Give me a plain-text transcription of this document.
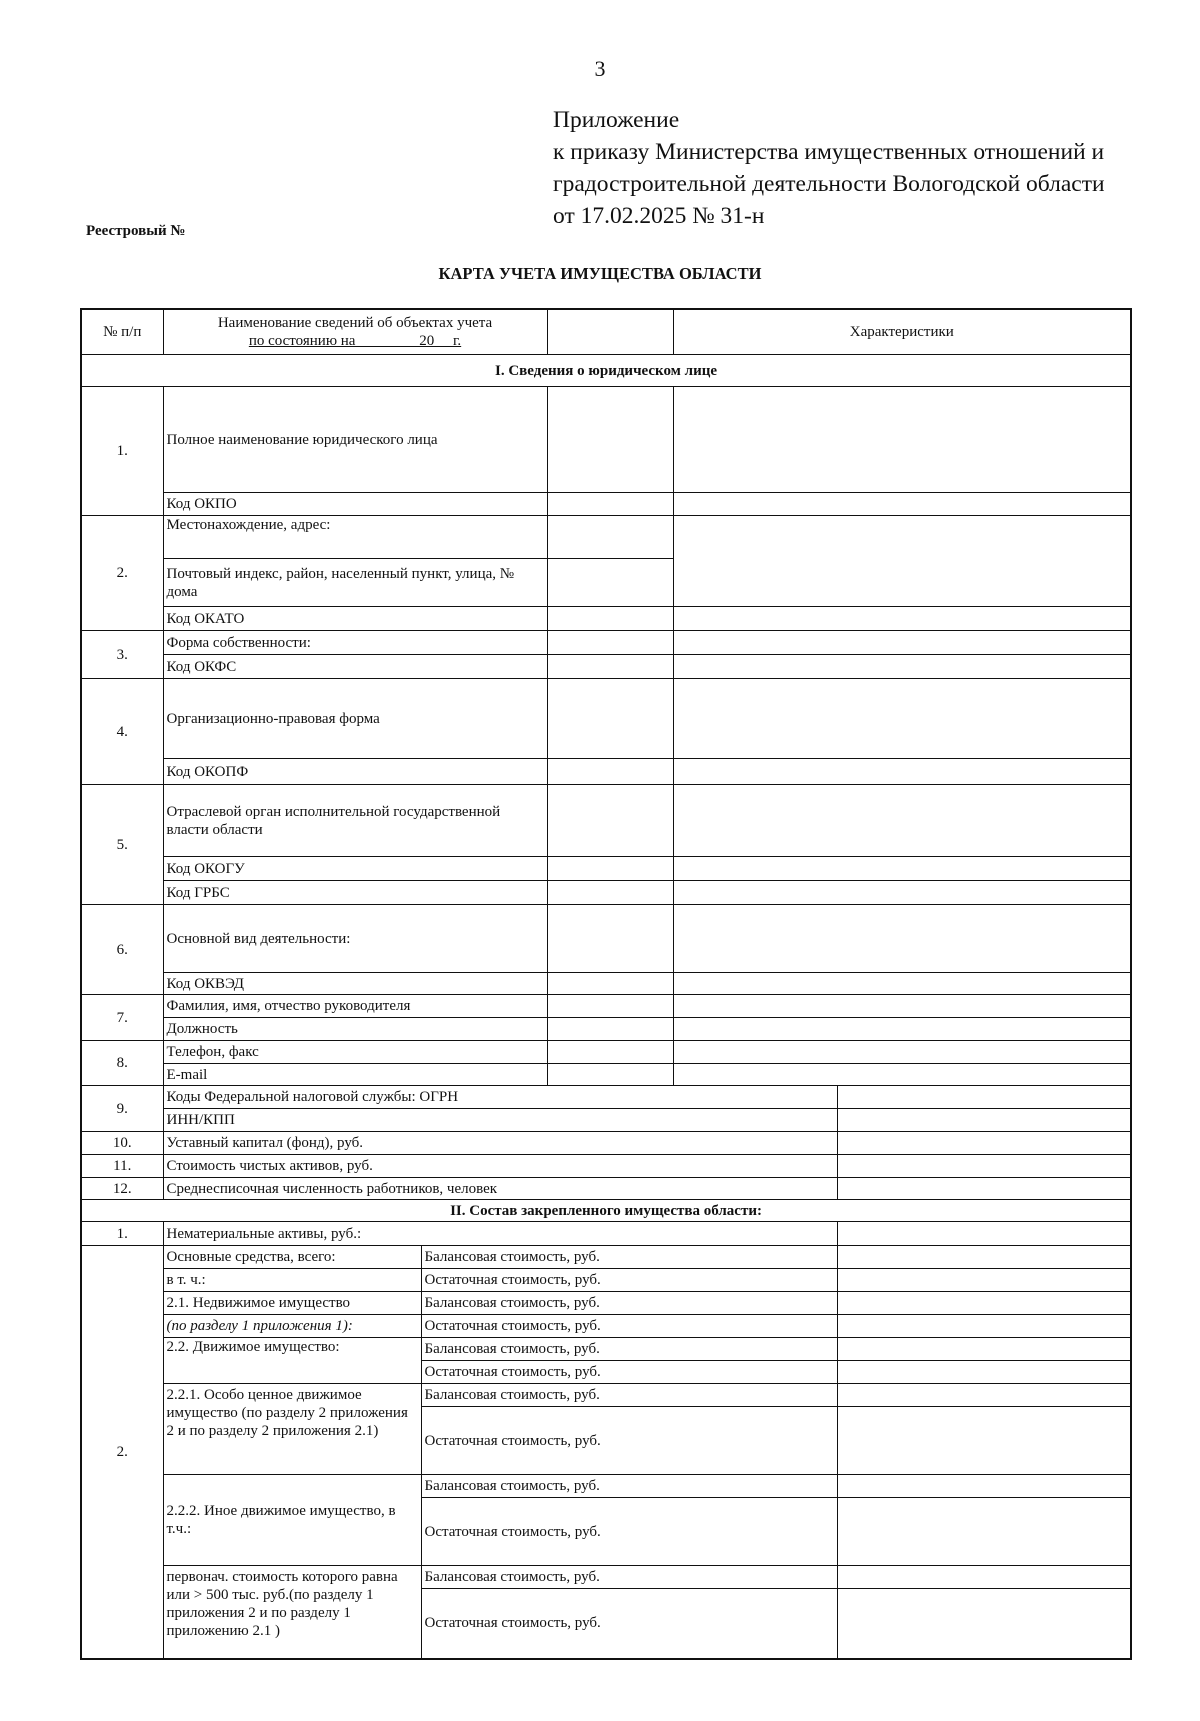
3
Приложение
к приказу Министерства имущественных отношений и
градостроительной деятельности Вологодской области
от 17.02.2025 № 31-н
Реестровый №
КАРТА УЧЕТА ИМУЩЕСТВА ОБЛАСТИ
№ п/п	Наименование сведений об объектах учета
по состоянию на                 20     г.			Характеристики	
I. Сведения о юридическом лице					
1.	Полное наименование юридического лица				
	Код ОКПО				
2.	Местонахождение, адрес:				
	Почтовый индекс, район, населенный пункт, улица, № дома				
	Код ОКАТО				
3.	Форма собственности:				
	Код ОКФС				
4.	Организационно-правовая форма				
	Код ОКОПФ				
5.	Отраслевой орган исполнительной государственной власти области				
	Код ОКОГУ				
	Код ГРБС				
6.	Основной вид деятельности:				
	Код ОКВЭД				
7.	Фамилия, имя, отчество руководителя				
	Должность				
8.	Телефон, факс				
	E-mail				
9.	Коды Федеральной налоговой службы: ОГРН				
	ИНН/КПП				
10.	Уставный капитал (фонд), руб.				
11.	Стоимость чистых активов, руб.				
12.	Среднесписочная численность работников, человек				
II. Состав закрепленного имущества области:					
1.	Нематериальные активы, руб.:				
2.	Основные средства, всего:	Балансовая стоимость, руб.			
	в т. ч.:	Остаточная стоимость, руб.			
	2.1. Недвижимое имущество	Балансовая стоимость, руб.			
	(по разделу 1 приложения 1):	Остаточная стоимость, руб.			
	2.2. Движимое имущество:	Балансовая стоимость, руб.			
		Остаточная стоимость, руб.			
	2.2.1. Особо ценное движимое имущество (по разделу 2 приложения 2 и по разделу 2 приложения 2.1)	Балансовая стоимость, руб.			
		Остаточная стоимость, руб.			
	2.2.2. Иное движимое имущество, в т.ч.:	Балансовая стоимость, руб.			
		Остаточная стоимость, руб.			
	первонач. стоимость которого равна или > 500 тыс. руб.(по разделу 1 приложения 2 и по разделу 1 приложению 2.1 )	Балансовая стоимость, руб.			
		Остаточная стоимость, руб.			
